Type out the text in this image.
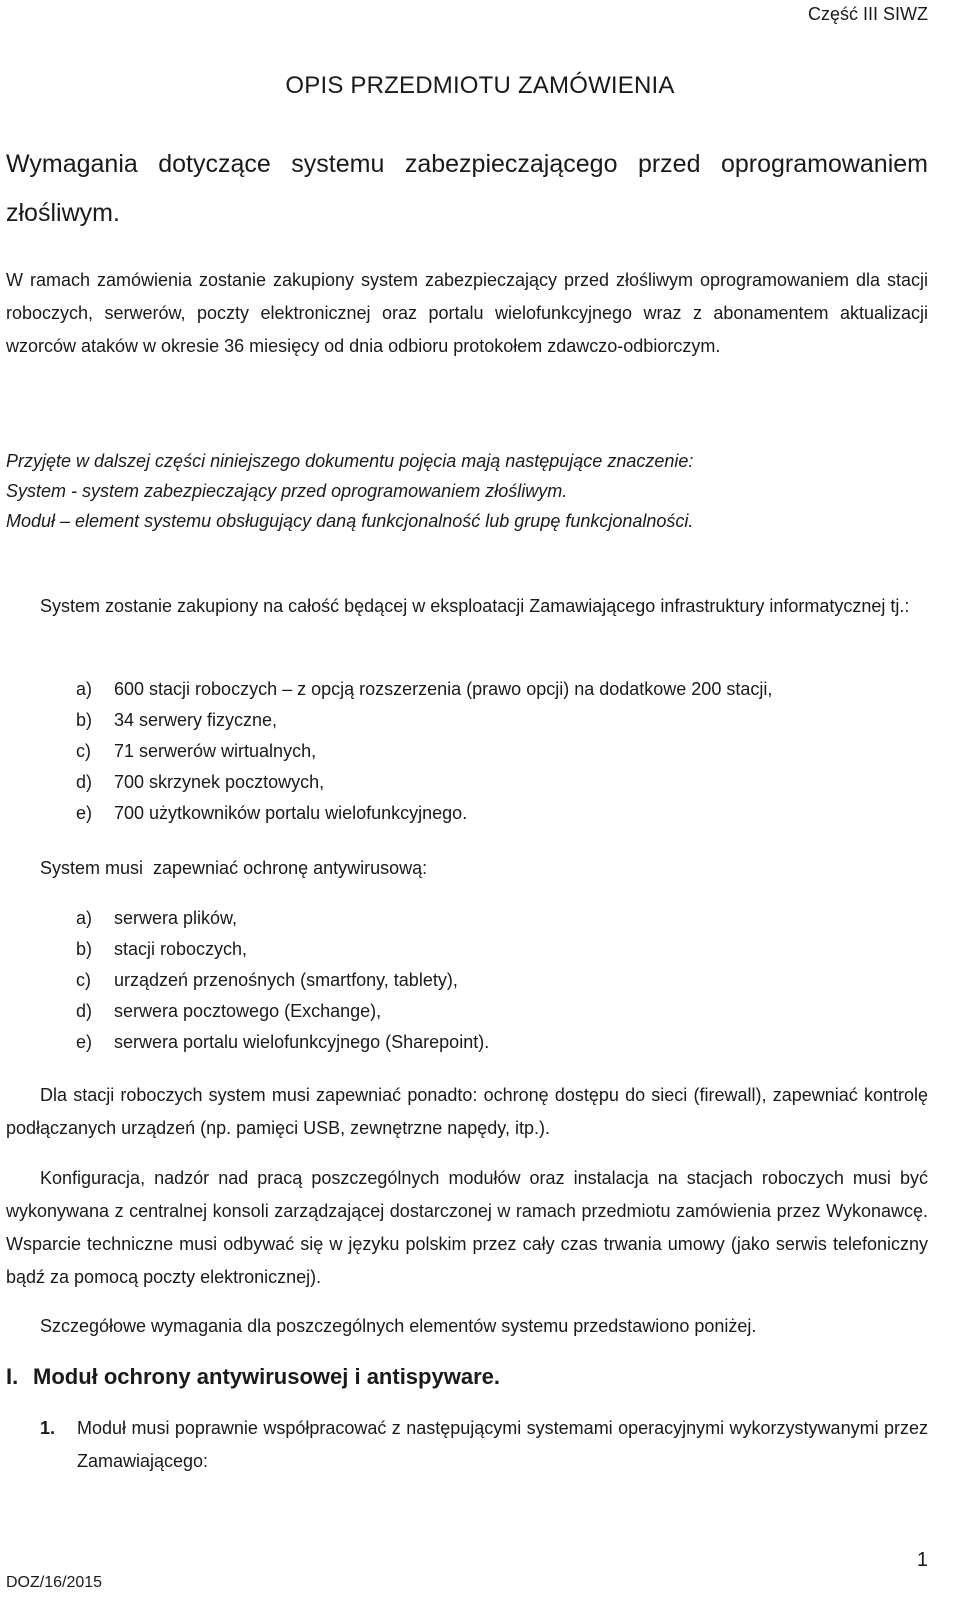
Część III SIWZ
OPIS PRZEDMIOTU ZAMÓWIENIA
Wymagania dotyczące systemu zabezpieczającego przed oprogramowaniem złośliwym.

W ramach zamówienia zostanie zakupiony system zabezpieczający przed złośliwym oprogramowaniem dla stacji roboczych, serwerów, poczty elektronicznej oraz portalu wielofunkcyjnego wraz z abonamentem aktualizacji wzorców ataków w okresie 36 miesięcy od dnia odbioru protokołem zdawczo-odbiorczym.

Przyjęte w dalszej części niniejszego dokumentu pojęcia mają następujące znaczenie:

System - system zabezpieczający przed oprogramowaniem złośliwym.

Moduł – element systemu obsługujący daną funkcjonalność lub grupę funkcjonalności.

System zostanie zakupiony na całość będącej w eksploatacji Zamawiającego infrastruktury informatycznej tj.:

a) 600 stacji roboczych – z opcją rozszerzenia (prawo opcji) na dodatkowe 200 stacji,
b) 34 serwery fizyczne,
c) 71 serwerów wirtualnych,
d) 700 skrzynek pocztowych,
e) 700 użytkowników portalu wielofunkcyjnego.

System musi  zapewniać ochronę antywirusową:

a) serwera plików,
b) stacji roboczych,
c) urządzeń przenośnych (smartfony, tablety),
d) serwera pocztowego (Exchange),
e) serwera portalu wielofunkcyjnego (Sharepoint).

Dla stacji roboczych system musi zapewniać ponadto: ochronę dostępu do sieci (firewall), zapewniać kontrolę podłączanych urządzeń (np. pamięci USB, zewnętrzne napędy, itp.).

Konfiguracja, nadzór nad pracą poszczególnych modułów oraz instalacja na stacjach roboczych musi być wykonywana z centralnej konsoli zarządzającej dostarczonej w ramach przedmiotu zamówienia przez Wykonawcę. Wsparcie techniczne musi odbywać się w języku polskim przez cały czas trwania umowy (jako serwis telefoniczny bądź za pomocą poczty elektronicznej).

Szczegółowe wymagania dla poszczególnych elementów systemu przedstawiono poniżej.

I. Moduł ochrony antywirusowej i antispyware.
1. Moduł musi poprawnie współpracować z następującymi systemami operacyjnymi wykorzystywanymi przez Zamawiającego:
1
DOZ/16/2015
